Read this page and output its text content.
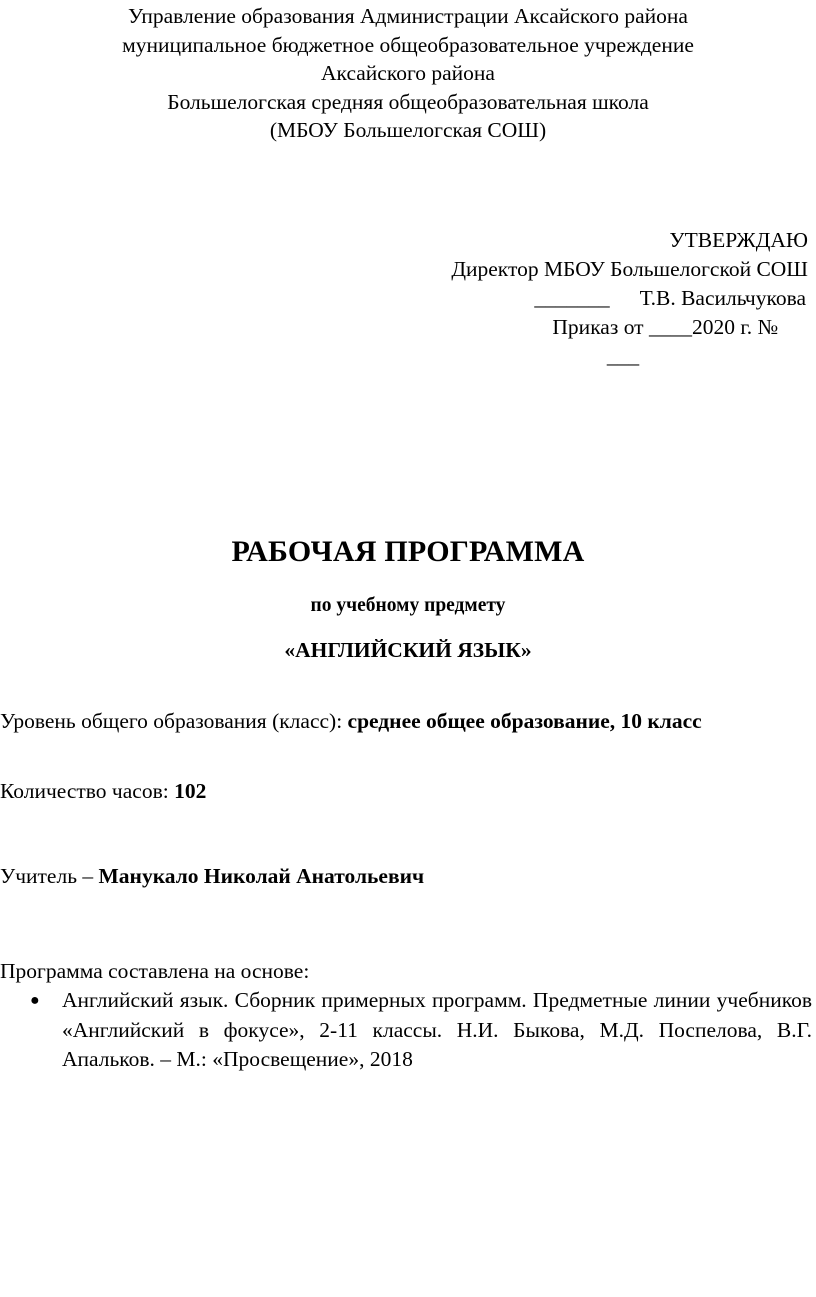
Управление образования Администрации Аксайского района
муниципальное бюджетное общеобразовательное учреждение
Аксайского района
Большелогская средняя общеобразовательная школа
(МБОУ Большелогская СОШ)
УТВЕРЖДАЮ
Директор МБОУ Большелогской СОШ
_______ Т.В. Васильчукова
Приказ от ____2020 г. №
___
РАБОЧАЯ ПРОГРАММА
по учебному предмету
«АНГЛИЙСКИЙ ЯЗЫК»
Уровень общего образования (класс): среднее общее образование, 10 класс
Количество часов: 102
Учитель – Манукало Николай Анатольевич
Программа составлена на основе:
● Английский язык. Сборник примерных программ. Предметные линии учебников «Английский в фокусе», 2-11 классы. Н.И. Быкова, М.Д. Поспелова, В.Г. Апальков. – М.: «Просвещение», 2018
